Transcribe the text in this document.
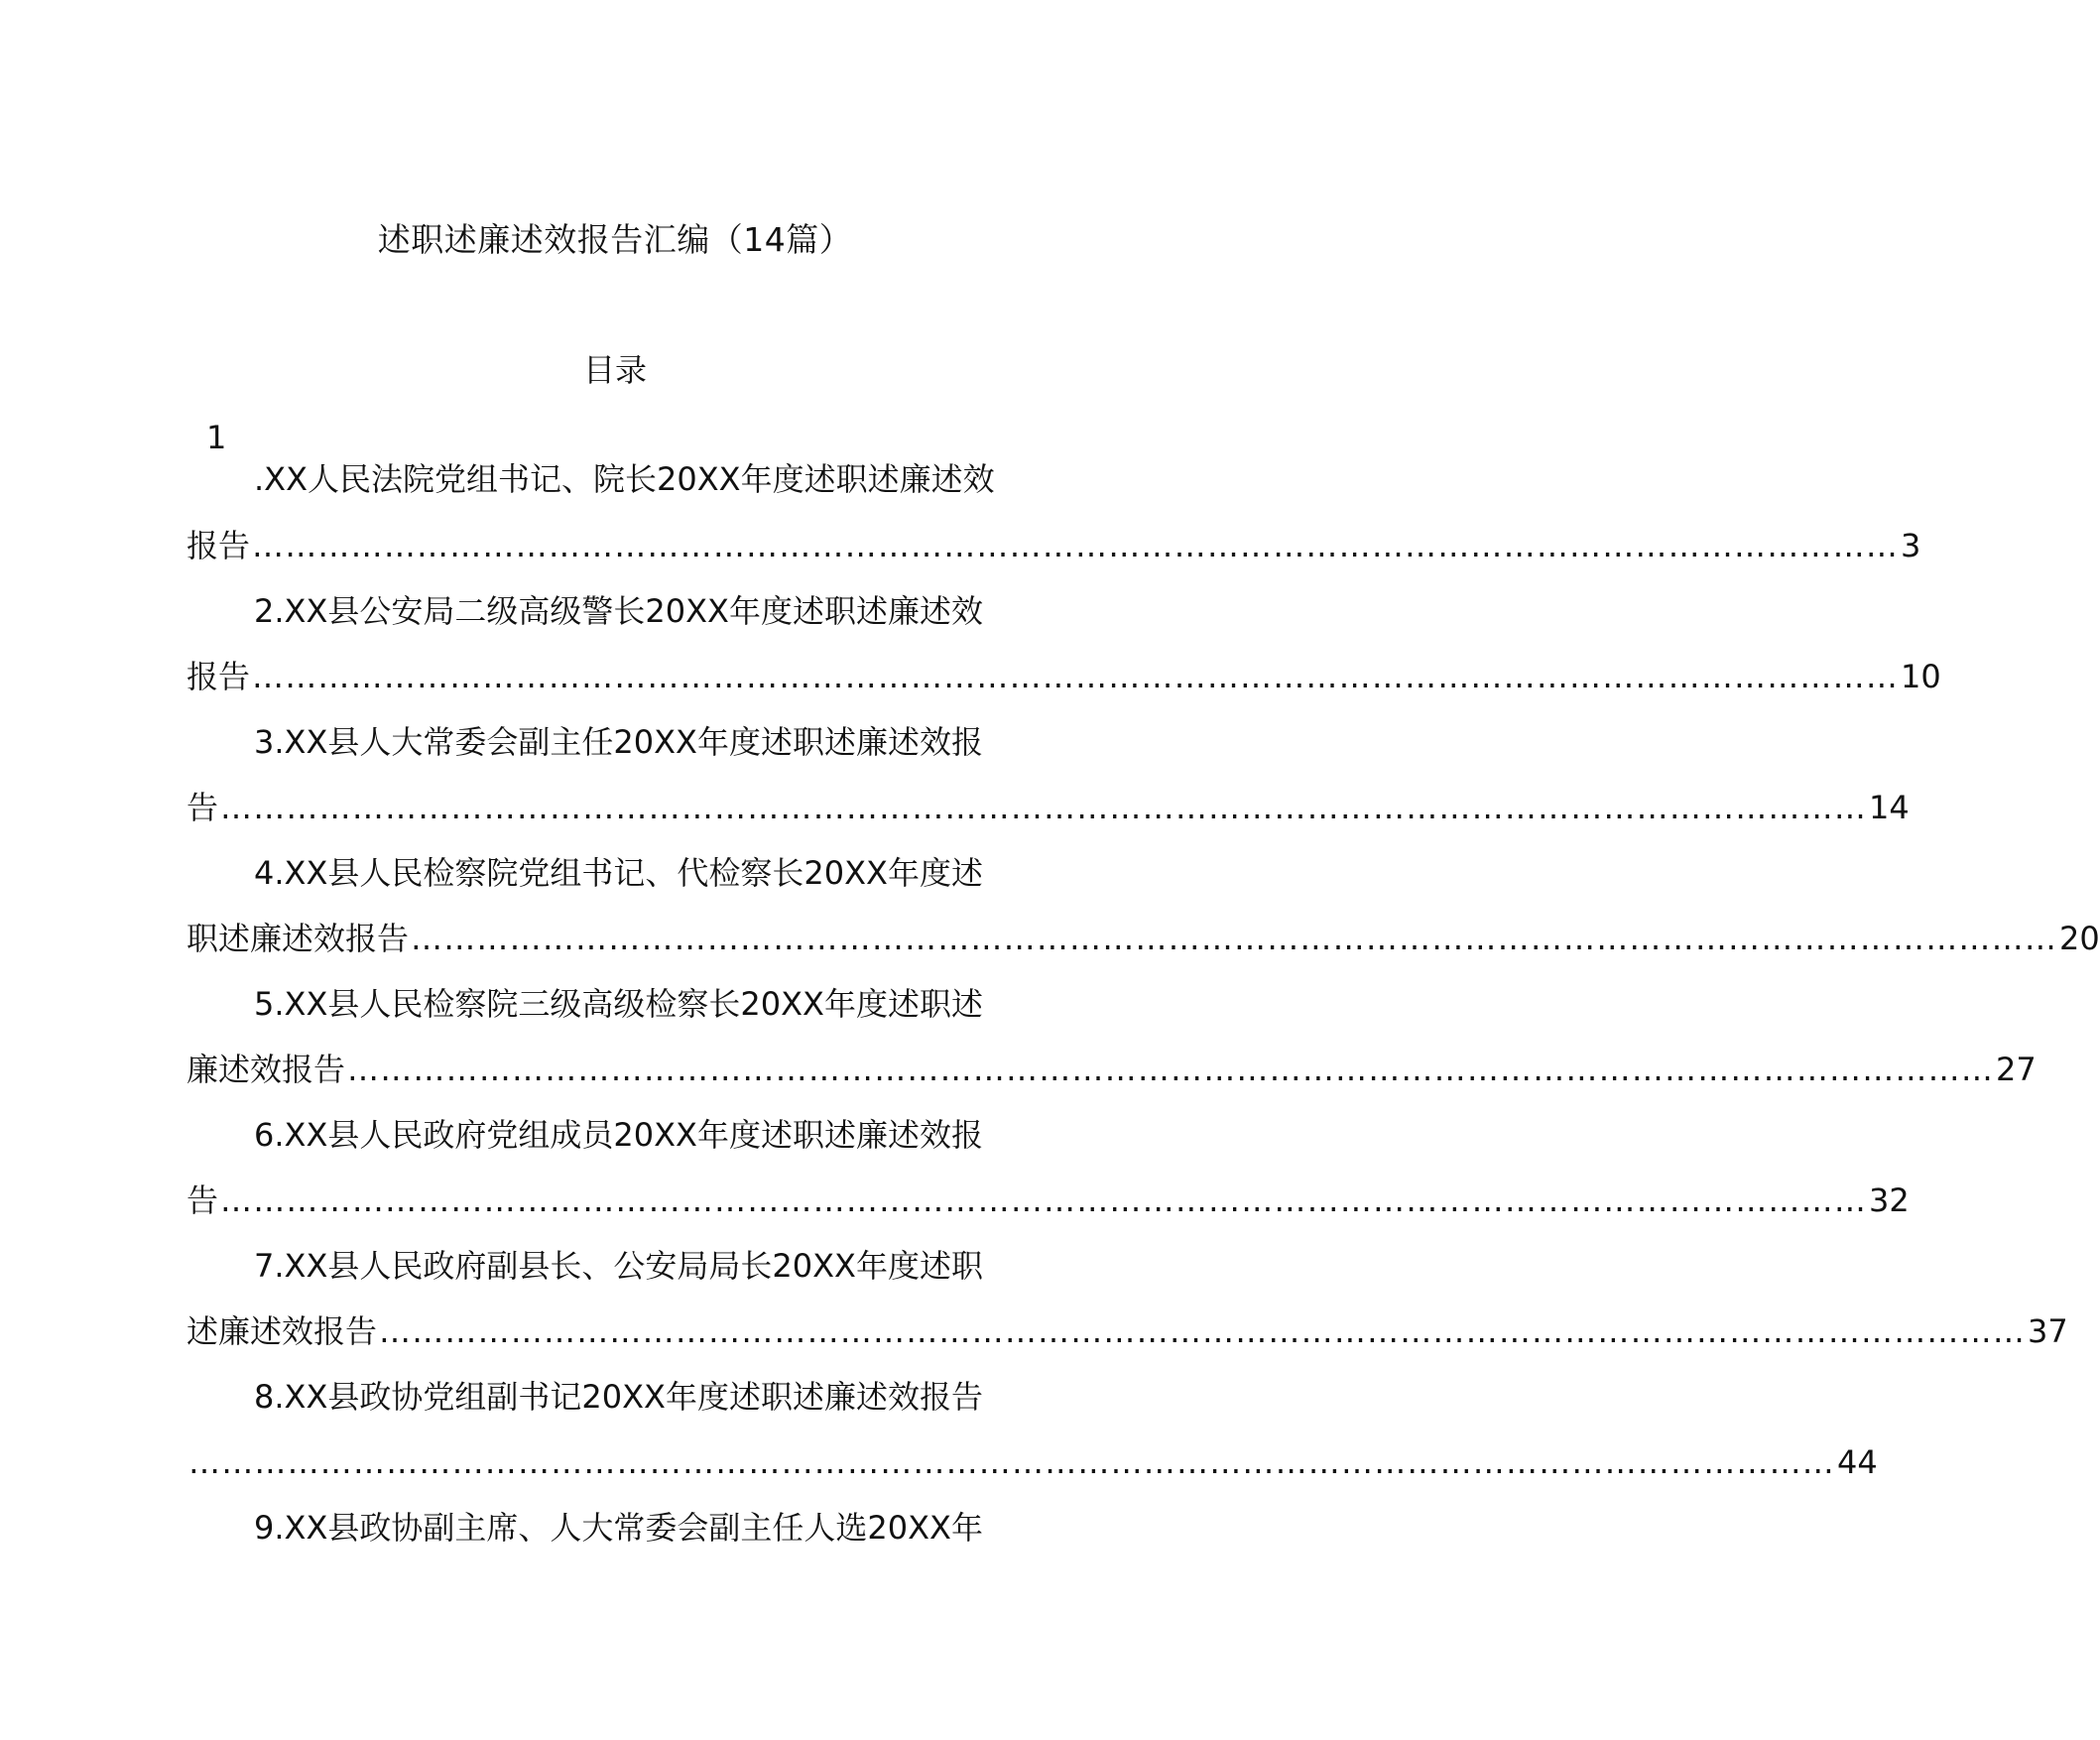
述职述廉述效报告汇编（14篇）
目录
1
.XX人民法院党组书记、院长20XX年度述职述廉述效
报告 …………………………………………………………………………………………………………………………………… 3
2.XX县公安局二级高级警长20XX年度述职述廉述效
报告 …………………………………………………………………………………………………………………………………… 10
3.XX县人大常委会副主任20XX年度述职述廉述效报
告 …………………………………………………………………………………………………………………………………… 14
4.XX县人民检察院党组书记、代检察长20XX年度述
职述廉述效报告 …………………………………………………………………………………………………………………………………… 20
5.XX县人民检察院三级高级检察长20XX年度述职述
廉述效报告 …………………………………………………………………………………………………………………………………… 27
6.XX县人民政府党组成员20XX年度述职述廉述效报
告 …………………………………………………………………………………………………………………………………… 32
7.XX县人民政府副县长、公安局局长20XX年度述职
述廉述效报告 …………………………………………………………………………………………………………………………………… 37
8.XX县政协党组副书记20XX年度述职述廉述效报告
…………………………………………………………………………………………………………………………………… 44
9.XX县政协副主席、人大常委会副主任人选20XX年
